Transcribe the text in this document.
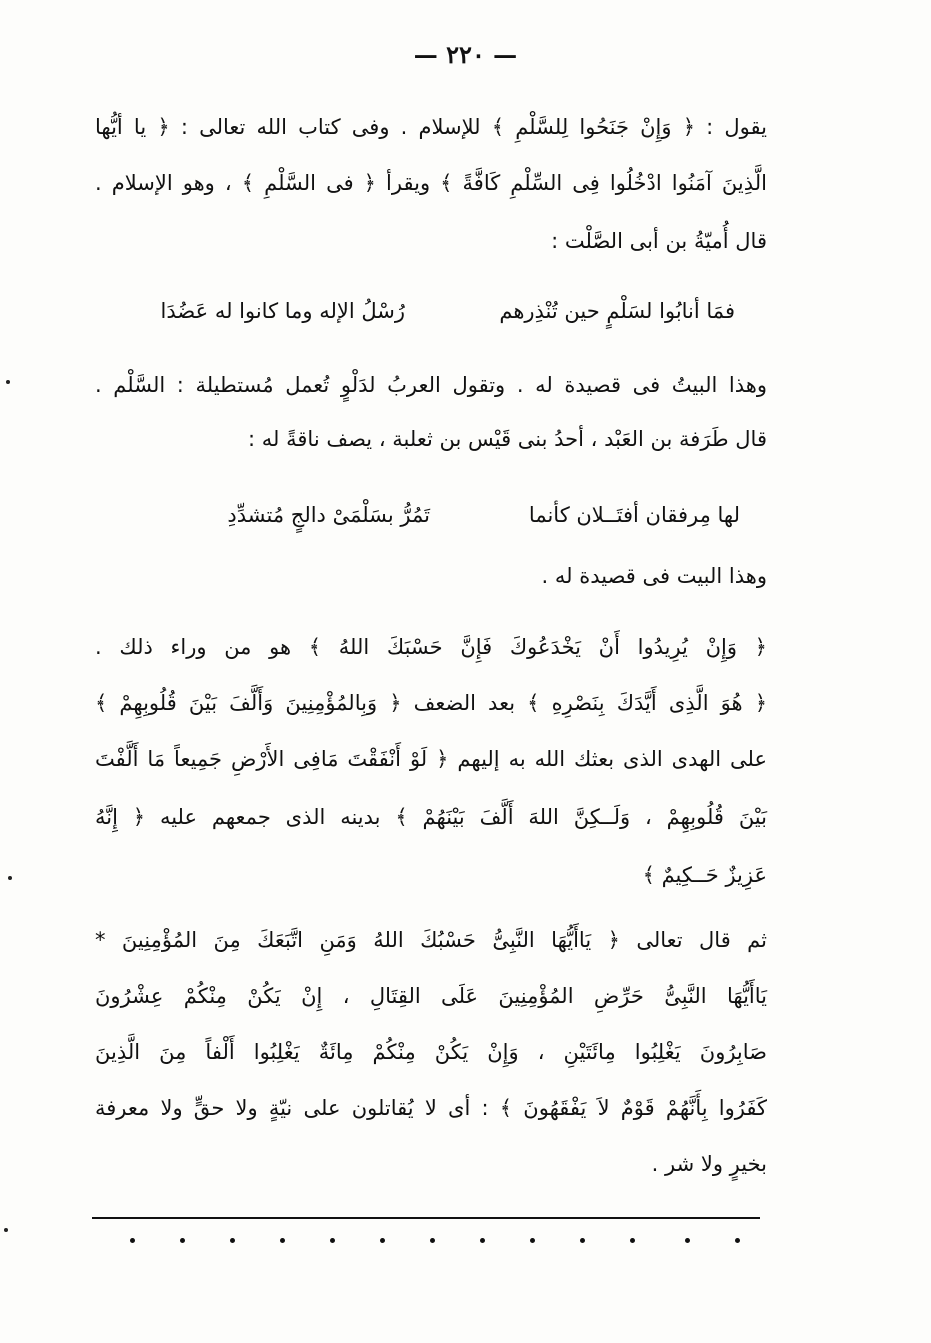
— ٢٢٠ —
يقول : ﴿ وَإِنْ جَنَحُوا لِلسَّلْمِ ﴾ للإسلام . وفى كتاب الله تعالى : ﴿ يا أيُّها
الَّذِينَ آمَنُوا ادْخُلُوا فِى السِّلْمِ كَافَّةً ﴾ ويقرأ ﴿ فى السَّلْمِ ﴾ ، وهو الإسلام .
قال أُميّةُ بن أبى الصَّلْت :
فمَا أنابُوا لسَلْمٍ حين تُنْذِرهم
رُسْلُ الإله وما كانوا له عَضُدَا
وهذا البيتُ فى قصيدة له . وتقول العربُ لدَلْوٍ تُعمل مُستطيلة : السَّلْم .
قال طَرَفة بن العَبْد ، أحدُ بنى قَيْس بن ثعلبة ، يصف ناقةً له :
لها مِرفقان أفتَــلان كأنما
تَمُرُّ بسَلْمَىْ دالجٍ مُتشدِّدِ
وهذا البيت فى قصيدة له .
﴿ وَإِنْ يُرِيدُوا أَنْ يَخْدَعُوكَ فَإِنَّ حَسْبَكَ اللهُ ﴾ هو من وراء ذلك .
﴿ هُوَ الَّذِى أَيَّدَكَ بِنَصْرِهِ ﴾ بعد الضعف ﴿ وَبِالمُؤْمِنِينَ وَأَلَّفَ بَيْنَ قُلُوبِهِمْ ﴾
على الهدى الذى بعثك الله به إليهم ﴿ لَوْ أَنْفَقْتَ مَافِى الأَرْضِ جَمِيعاً مَا أَلَّفْتَ
بَيْنَ قُلُوبِهِمْ ، وَلَــكِنَّ اللهَ أَلَّفَ بَيْنَهُمْ ﴾ بدينه الذى جمعهم عليه ﴿ إِنَّهُ
عَزِيزٌ حَــكِيمٌ ﴾
ثم قال تعالى ﴿ يَاأَيُّهَا النَّبِىُّ حَسْبُكَ اللهُ وَمَنِ اتَّبَعَكَ مِنَ المُؤْمِنِينَ *
يَاأَيُّهَا النَّبِىُّ حَرِّضِ المُؤْمِنِينَ عَلَى القِتَالِ ، إِنْ يَكُنْ مِنْكُمْ عِشْرُونَ
صَابِرُونَ يَغْلِبُوا مِائَتَيْنِ ، وَإِنْ يَكُنْ مِنْكُمْ مِائَةٌ يَغْلِبُوا أَلْفاً مِنَ الَّذِينَ
كَفَرُوا بِأَنَّهُمْ قَوْمٌ لاَ يَفْقَهُونَ ﴾ : أى لا يُقاتلون على نيّةٍ ولا حقٍّ ولا معرفة
بخيرٍ ولا شر .
